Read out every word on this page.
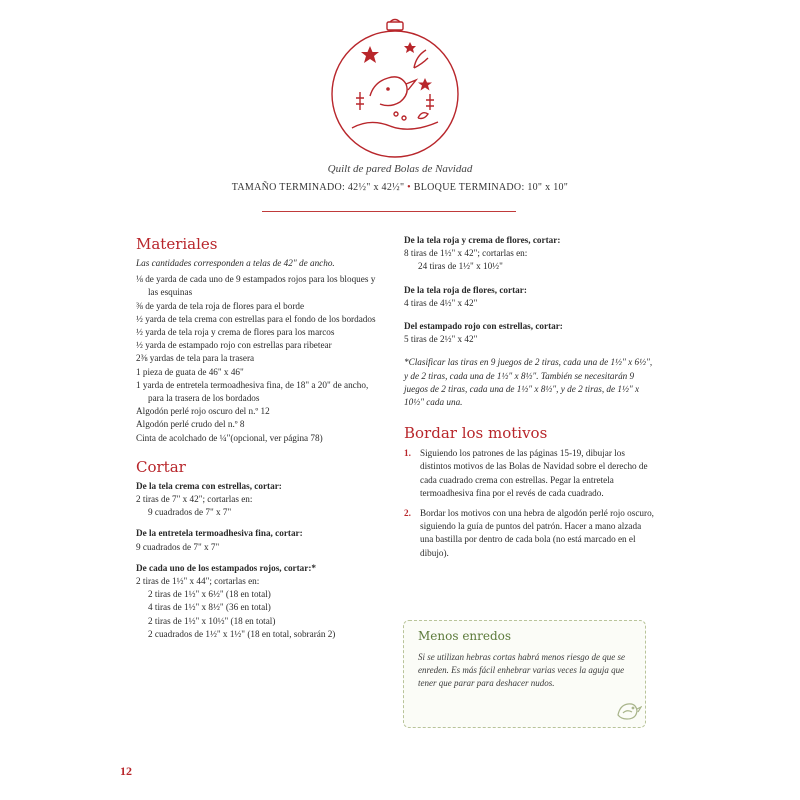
Quilt de pared Bolas de Navidad
TAMAÑO TERMINADO: 42½" x 42½" • BLOQUE TERMINADO: 10" x 10"
Materiales
Las cantidades corresponden a telas de 42" de ancho.

⅛ de yarda de cada uno de 9 estampados rojos para los bloques y las esquinas

⅜ de yarda de tela roja de flores para el borde

½ yarda de tela crema con estrellas para el fondo de los bordados

½ yarda de tela roja y crema de flores para los marcos

½ yarda de estampado rojo con estrellas para ribetear

2⅜ yardas de tela para la trasera

1 pieza de guata de 46" x 46"

1 yarda de entretela termoadhesiva fina, de 18" a 20" de ancho, para la trasera de los bordados

Algodón perlé rojo oscuro del n.º 12

Algodón perlé crudo del n.º 8

Cinta de acolchado de ¼"(opcional, ver página 78)

Cortar
De la tela crema con estrellas, cortar:
2 tiras de 7" x 42"; cortarlas en:
9 cuadrados de 7" x 7"
De la entretela termoadhesiva fina, cortar:
9 cuadrados de 7" x 7"
De cada uno de los estampados rojos, cortar:*
2 tiras de 1½" x 44"; cortarlas en:
2 tiras de 1½" x 6½" (18 en total)
4 tiras de 1½" x 8½" (36 en total)
2 tiras de 1½" x 10½" (18 en total)
2 cuadrados de 1½" x 1½" (18 en total, sobrarán 2)
De la tela roja y crema de flores, cortar:
8 tiras de 1½" x 42"; cortarlas en:
24 tiras de 1½" x 10½"
De la tela roja de flores, cortar:
4 tiras de 4½" x 42"
Del estampado rojo con estrellas, cortar:
5 tiras de 2½" x 42"
*Clasificar las tiras en 9 juegos de 2 tiras, cada una de 1½" x 6½", y de 2 tiras, cada una de 1½" x 8½". También se necesitarán 9 juegos de 2 tiras, cada una de 1½" x 8½", y de 2 tiras, de 1½" x 10½" cada una.
Bordar los motivos
1. Siguiendo los patrones de las páginas 15-19, dibujar los distintos motivos de las Bolas de Navidad sobre el derecho de cada cuadrado crema con estrellas. Pegar la entretela termoadhesiva fina por el revés de cada cuadrado.
2. Bordar los motivos con una hebra de algodón perlé rojo oscuro, siguiendo la guía de puntos del patrón. Hacer a mano alzada una bastilla por dentro de cada bola (no está marcado en el dibujo).
Menos enredos
Si se utilizan hebras cortas habrá menos riesgo de que se enreden. Es más fácil enhebrar varias veces la aguja que tener que parar para deshacer nudos.
12
